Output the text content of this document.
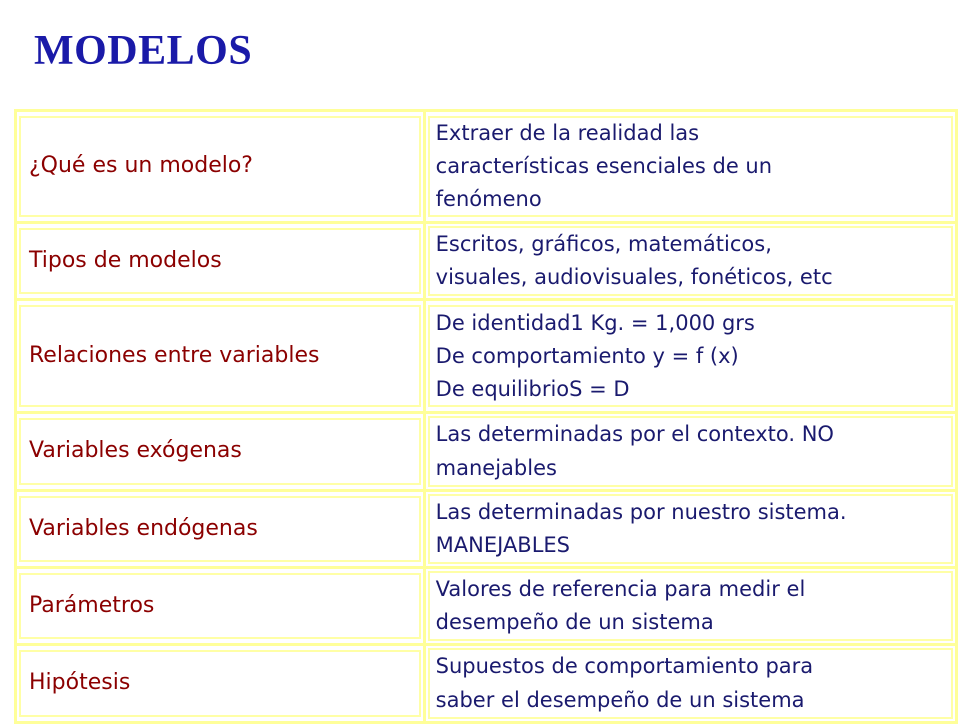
MODELOS
¿Qué es un modelo?	Extraer de la realidad las
características esenciales de un
fenómeno

Tipos de modelos	Escritos, gráficos, matemáticos,
visuales, audiovisuales, fonéticos, etc

Relaciones entre variables	De identidad1 Kg. = 1,000 grs
De comportamiento y = f (x)
De equilibrioS = D

Variables exógenas	Las determinadas por el contexto. NO
manejables

Variables endógenas	Las determinadas por nuestro sistema.
MANEJABLES

Parámetros	Valores de referencia para medir el
desempeño de un sistema

Hipótesis	Supuestos de comportamiento para
saber el desempeño de un sistema
